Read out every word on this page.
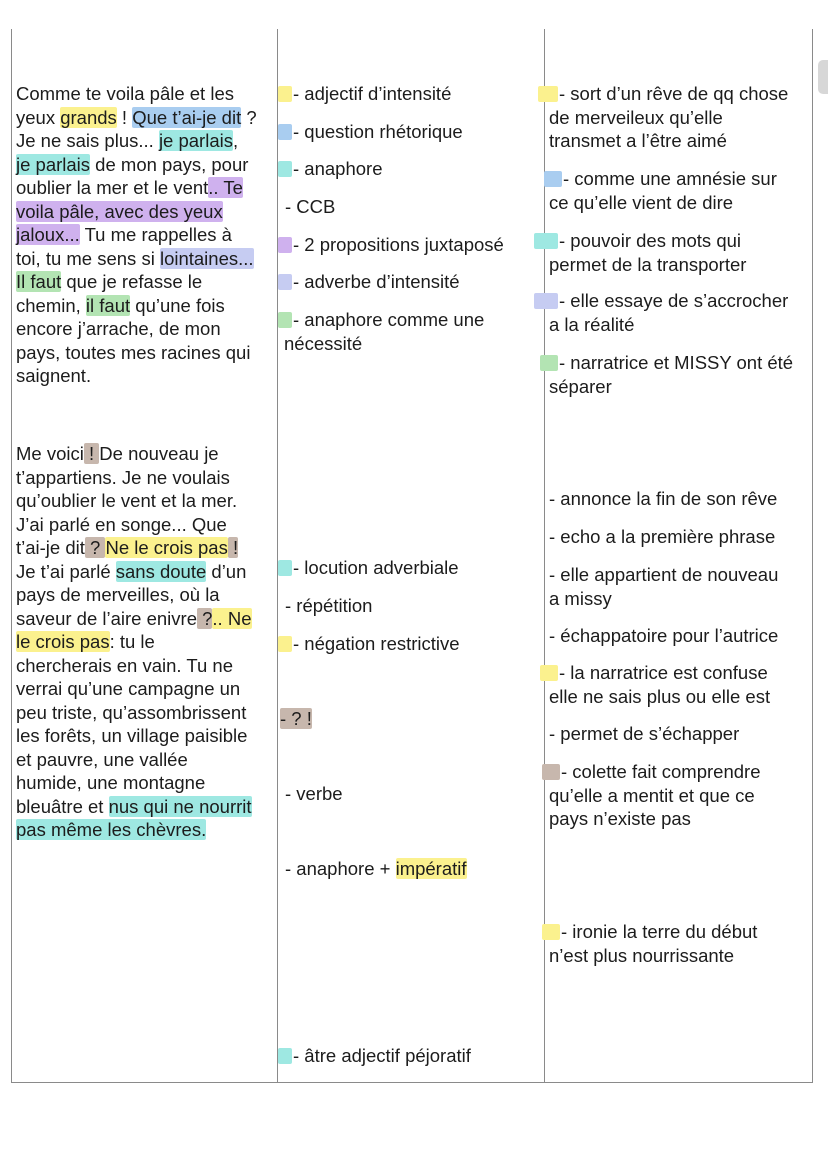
Comme te voila pâle et les
yeux grands ! Que t’ai-je dit ?
Je ne sais plus... je parlais,
je parlais de mon pays, pour
oublier la mer et le vent.. Te
voila pâle, avec des yeux
jaloux... Tu me rappelles à
toi, tu me sens si lointaines...
Il faut que je refasse le
chemin, il faut qu’une fois
encore j’arrache, de mon
pays, toutes mes racines qui
saignent.
Me voici ! De nouveau je
t’appartiens. Je ne voulais
qu’oublier le vent et la mer.
J’ai parlé en songe... Que
t’ai-je dit ? Ne le crois pas !
Je t’ai parlé sans doute d’un
pays de merveilles, où la
saveur de l’aire enivre ?.. Ne
le crois pas: tu le
chercherais en vain. Tu ne
verrai qu’une campagne un
peu triste, qu’assombrissent
les forêts, un village paisible
et pauvre, une vallée
humide, une montagne
bleuâtre et nus qui ne nourrit
pas même les chèvres.
- adjectif d’intensité
- question rhétorique
- anaphore
- CCB
- 2 propositions juxtaposé
- adverbe d’intensité
- anaphore comme une
nécessité
- locution adverbiale
- répétition
- négation restrictive
- ? !
- verbe
- anaphore + impératif
- âtre adjectif péjoratif
- sort d’un rêve de qq chose
de merveileux qu’elle
transmet a l’être aimé
- comme une amnésie sur
ce qu’elle vient de dire
- pouvoir des mots qui
permet de la transporter
- elle essaye de s’accrocher
a la réalité
- narratrice et MISSY ont été
séparer
- annonce la fin de son rêve
- echo a la première phrase
- elle appartient de nouveau
a missy
- échappatoire pour l’autrice
- la narratrice est confuse
elle ne sais plus ou elle est
- permet de s’échapper
- colette fait comprendre
qu’elle a mentit et que ce
pays n’existe pas
- ironie la terre du début
n’est plus nourrissante
